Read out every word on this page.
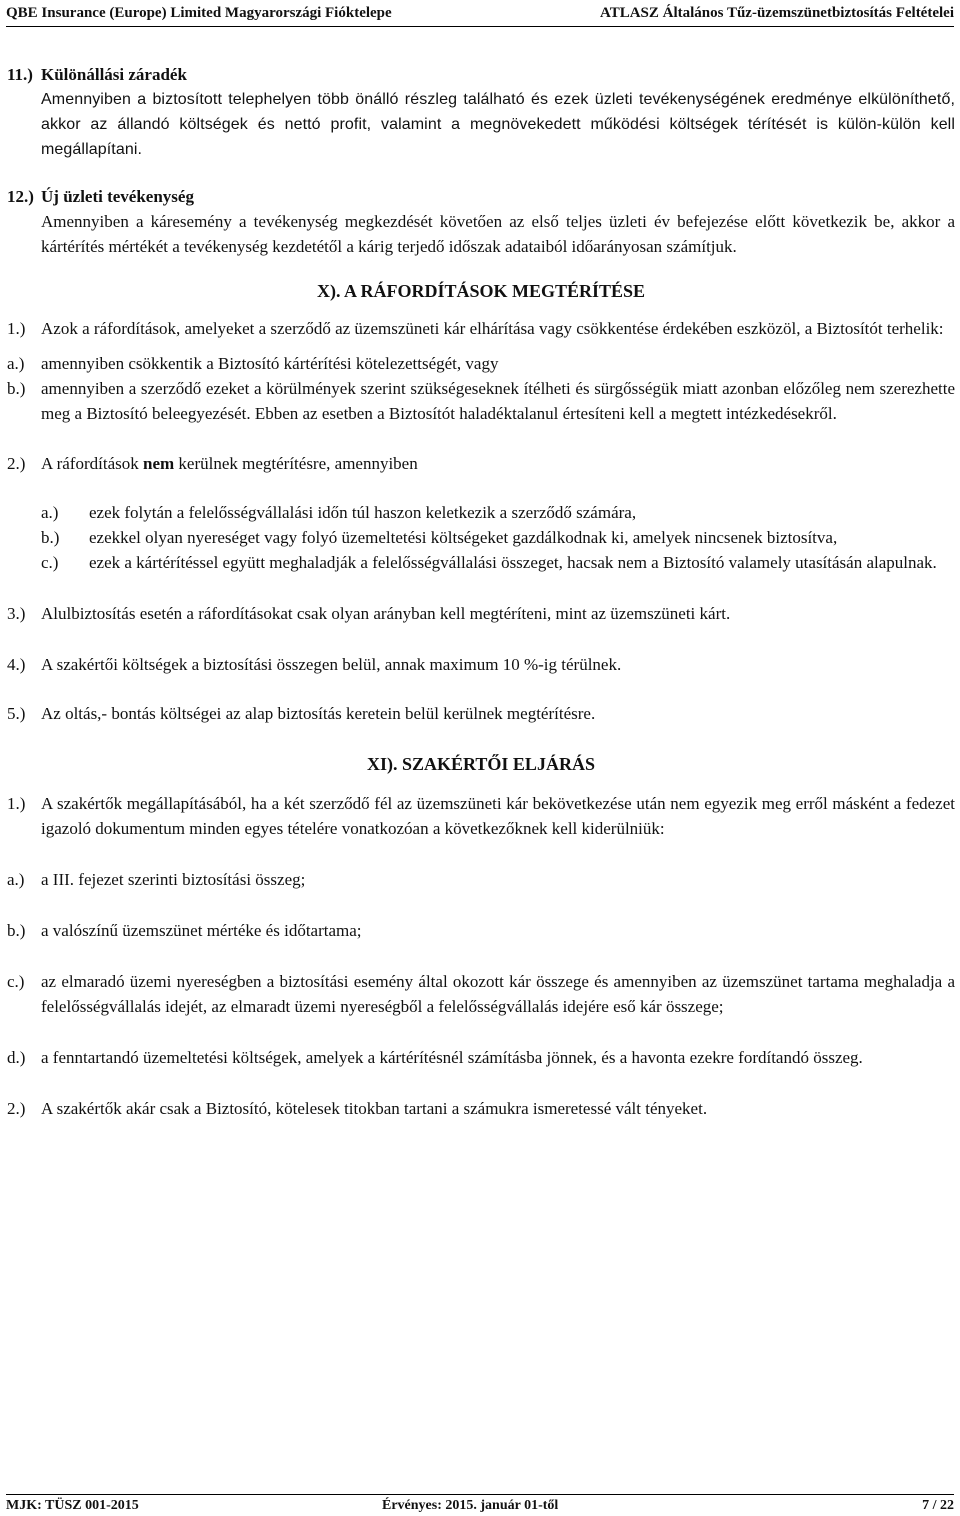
QBE Insurance (Europe) Limited Magyarországi Fióktelepe	ATLASZ Általános Tűz-üzemszünetbiztosítás Feltételei
11.) Különállási záradék
Amennyiben a biztosított telephelyen több önálló részleg található és ezek üzleti tevékenységének eredménye elkülöníthető, akkor az állandó költségek és nettó profit, valamint a megnövekedett működési költségek térítését is külön-külön kell megállapítani.
12.) Új üzleti tevékenység
Amennyiben a káresemény a tevékenység megkezdését követően az első teljes üzleti év befejezése előtt következik be, akkor a kártérítés mértékét a tevékenység kezdetétől a kárig terjedő időszak adataiból időarányosan számítjuk.
X). A RÁFORDÍTÁSOK MEGTÉRÍTÉSE
1.) Azok a ráfordítások, amelyeket a szerződő az üzemszüneti kár elhárítása vagy csökkentése érdekében eszközöl, a Biztosítót terhelik:
a.) amennyiben csökkentik a Biztosító kártérítési kötelezettségét, vagy
b.) amennyiben a szerződő ezeket a körülmények szerint szükségeseknek ítélheti és sürgősségük miatt azonban előzőleg nem szerezhette meg a Biztosító beleegyezését. Ebben az esetben a Biztosítót haladéktalanul értesíteni kell a megtett intézkedésekről.
2.) A ráfordítások nem kerülnek megtérítésre, amennyiben
a.)	ezek folytán a felelősségvállalási időn túl haszon keletkezik a szerződő számára,
b.) ezekkel olyan nyereséget vagy folyó üzemeltetési költségeket gazdálkodnak ki, amelyek nincsenek biztosítva,
c.) ezek a kártérítéssel együtt meghaladják a felelősségvállalási összeget, hacsak nem a Biztosító valamely utasításán alapulnak.
3.) Alulbiztosítás esetén a ráfordításokat csak olyan arányban kell megtéríteni, mint az üzemszüneti kárt.
4.) A szakértői költségek a biztosítási összegen belül, annak maximum 10 %-ig térülnek.
5.) Az oltás,- bontás költségei az alap biztosítás keretein belül kerülnek megtérítésre.
XI). SZAKÉRTŐI ELJÁRÁS
1.) A szakértők megállapításából, ha a két szerződő fél az üzemszüneti kár bekövetkezése után nem egyezik meg erről másként a fedezet igazoló dokumentum minden egyes tételére vonatkozóan a következőknek kell kiderülniük:
a.) a III. fejezet szerinti biztosítási összeg;
b.) a valószínű üzemszünet mértéke és időtartama;
c.) az elmaradó üzemi nyereségben a biztosítási esemény által okozott kár összege és amennyiben az üzemszünet tartama meghaladja a felelősségvállalás idejét, az elmaradt üzemi nyereségből a felelősségvállalás idejére eső kár összege;
d.) a fenntartandó üzemeltetési költségek, amelyek a kártérítésnél számításba jönnek, és a havonta ezekre fordítandó összeg.
2.) A szakértők akár csak a Biztosító, kötelesek titokban tartani a számukra ismeretessé vált tényeket.
MJK: TÜSZ 001-2015	Érvényes: 2015. január 01-től	7 / 22
